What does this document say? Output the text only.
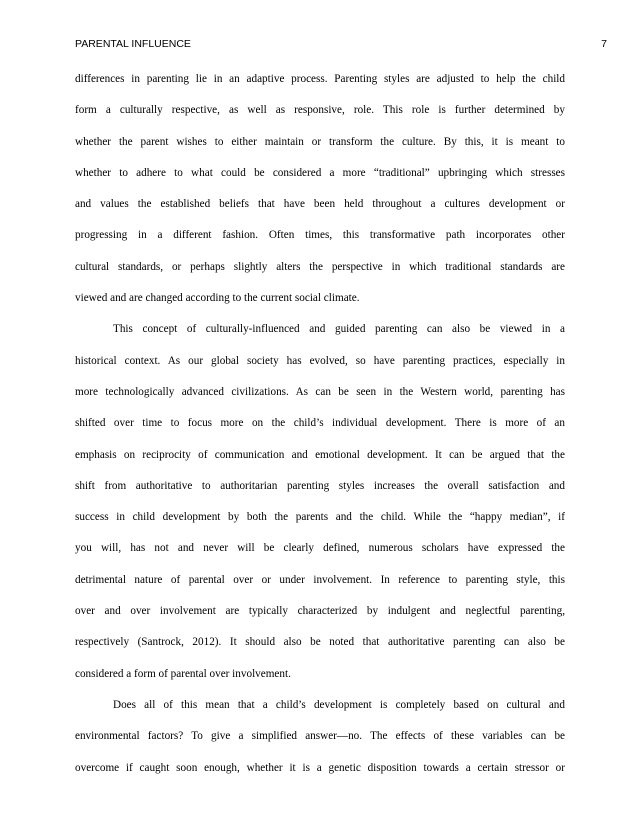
PARENTAL INFLUENCE	7
differences in parenting lie in an adaptive process. Parenting styles are adjusted to help the child
form a culturally respective, as well as responsive, role. This role is further determined by
whether the parent wishes to either maintain or transform the culture. By this, it is meant to
whether to adhere to what could be considered a more “traditional” upbringing which stresses
and values the established beliefs that have been held throughout a cultures development or
progressing in a different fashion. Often times, this transformative path incorporates other
cultural standards, or perhaps slightly alters the perspective in which traditional standards are
viewed and are changed according to the current social climate.
This concept of culturally-influenced and guided parenting can also be viewed in a
historical context. As our global society has evolved, so have parenting practices, especially in
more technologically advanced civilizations. As can be seen in the Western world, parenting has
shifted over time to focus more on the child’s individual development. There is more of an
emphasis on reciprocity of communication and emotional development. It can be argued that the
shift from authoritative to authoritarian parenting styles increases the overall satisfaction and
success in child development by both the parents and the child. While the “happy median”, if
you will, has not and never will be clearly defined, numerous scholars have expressed the
detrimental nature of parental over or under involvement. In reference to parenting style, this
over and over involvement are typically characterized by indulgent and neglectful parenting,
respectively (Santrock, 2012). It should also be noted that authoritative parenting can also be
considered a form of parental over involvement.
Does all of this mean that a child’s development is completely based on cultural and
environmental factors? To give a simplified answer—no. The effects of these variables can be
overcome if caught soon enough, whether it is a genetic disposition towards a certain stressor or
